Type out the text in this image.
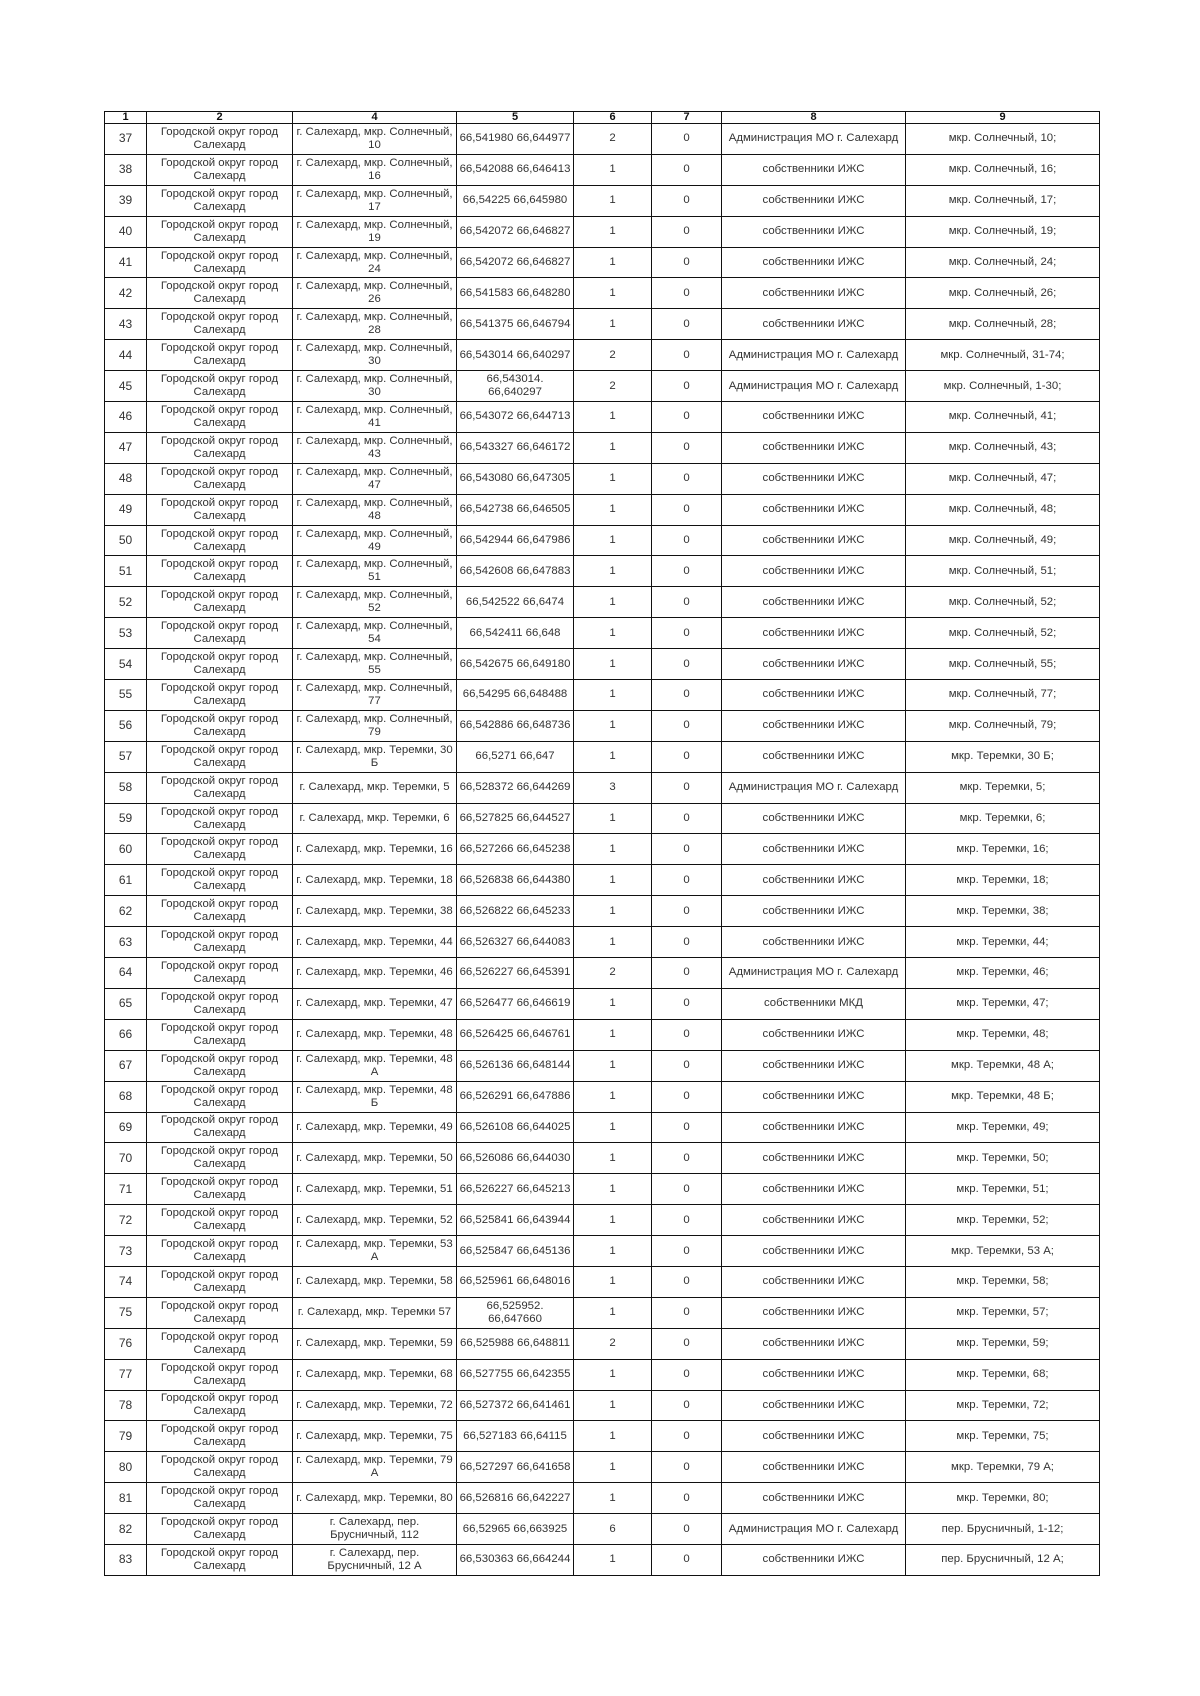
1	2	4	5	6	7	8	9
37	Городской округ город Салехард	г. Салехард, мкр. Солнечный, 10	66,541980 66,644977	2	0	Администрация МО г. Салехард	мкр. Солнечный, 10;
38	Городской округ город Салехард	г. Салехард, мкр. Солнечный, 16	66,542088 66,646413	1	0	собственники ИЖС	мкр. Солнечный, 16;
39	Городской округ город Салехард	г. Салехард, мкр. Солнечный, 17	66,54225 66,645980	1	0	собственники ИЖС	мкр. Солнечный, 17;
40	Городской округ город Салехард	г. Салехард, мкр. Солнечный, 19	66,542072 66,646827	1	0	собственники ИЖС	мкр. Солнечный, 19;
41	Городской округ город Салехард	г. Салехард, мкр. Солнечный, 24	66,542072 66,646827	1	0	собственники ИЖС	мкр. Солнечный, 24;
42	Городской округ город Салехард	г. Салехард, мкр. Солнечный, 26	66,541583 66,648280	1	0	собственники ИЖС	мкр. Солнечный, 26;
43	Городской округ город Салехард	г. Салехард, мкр. Солнечный, 28	66,541375 66,646794	1	0	собственники ИЖС	мкр. Солнечный, 28;
44	Городской округ город Салехард	г. Салехард, мкр. Солнечный, 30	66,543014 66,640297	2	0	Администрация МО г. Салехард	мкр. Солнечный, 31-74;
45	Городской округ город Салехард	г. Салехард, мкр. Солнечный, 30	66,543014. 66,640297	2	0	Администрация МО г. Салехард	мкр. Солнечный, 1-30;
46	Городской округ город Салехард	г. Салехард, мкр. Солнечный, 41	66,543072 66,644713	1	0	собственники ИЖС	мкр. Солнечный, 41;
47	Городской округ город Салехард	г. Салехард, мкр. Солнечный, 43	66,543327 66,646172	1	0	собственники ИЖС	мкр. Солнечный, 43;
48	Городской округ город Салехард	г. Салехард, мкр. Солнечный, 47	66,543080 66,647305	1	0	собственники ИЖС	мкр. Солнечный, 47;
49	Городской округ город Салехард	г. Салехард, мкр. Солнечный, 48	66,542738 66,646505	1	0	собственники ИЖС	мкр. Солнечный, 48;
50	Городской округ город Салехард	г. Салехард, мкр. Солнечный, 49	66,542944 66,647986	1	0	собственники ИЖС	мкр. Солнечный, 49;
51	Городской округ город Салехард	г. Салехард, мкр. Солнечный, 51	66,542608 66,647883	1	0	собственники ИЖС	мкр. Солнечный, 51;
52	Городской округ город Салехард	г. Салехард, мкр. Солнечный, 52	66,542522 66,6474	1	0	собственники ИЖС	мкр. Солнечный, 52;
53	Городской округ город Салехард	г. Салехард, мкр. Солнечный, 54	66,542411 66,648	1	0	собственники ИЖС	мкр. Солнечный, 52;
54	Городской округ город Салехард	г. Салехард, мкр. Солнечный, 55	66,542675 66,649180	1	0	собственники ИЖС	мкр. Солнечный, 55;
55	Городской округ город Салехард	г. Салехард, мкр. Солнечный, 77	66,54295 66,648488	1	0	собственники ИЖС	мкр. Солнечный, 77;
56	Городской округ город Салехард	г. Салехард, мкр. Солнечный, 79	66,542886 66,648736	1	0	собственники ИЖС	мкр. Солнечный, 79;
57	Городской округ город Салехард	г. Салехард, мкр. Теремки, 30 Б	66,5271 66,647	1	0	собственники ИЖС	мкр. Теремки, 30 Б;
58	Городской округ город Салехард	г. Салехард, мкр. Теремки, 5	66,528372 66,644269	3	0	Администрация МО г. Салехард	мкр. Теремки, 5;
59	Городской округ город Салехард	г. Салехард, мкр. Теремки, 6	66,527825 66,644527	1	0	собственники ИЖС	мкр. Теремки, 6;
60	Городской округ город Салехард	г. Салехард, мкр. Теремки, 16	66,527266 66,645238	1	0	собственники ИЖС	мкр. Теремки, 16;
61	Городской округ город Салехард	г. Салехард, мкр. Теремки, 18	66,526838 66,644380	1	0	собственники ИЖС	мкр. Теремки, 18;
62	Городской округ город Салехард	г. Салехард, мкр. Теремки, 38	66,526822 66,645233	1	0	собственники ИЖС	мкр. Теремки, 38;
63	Городской округ город Салехард	г. Салехард, мкр. Теремки, 44	66,526327 66,644083	1	0	собственники ИЖС	мкр. Теремки, 44;
64	Городской округ город Салехард	г. Салехард, мкр. Теремки, 46	66,526227 66,645391	2	0	Администрация МО г. Салехард	мкр. Теремки, 46;
65	Городской округ город Салехард	г. Салехард, мкр. Теремки, 47	66,526477 66,646619	1	0	собственники МКД	мкр. Теремки, 47;
66	Городской округ город Салехард	г. Салехард, мкр. Теремки, 48	66,526425 66,646761	1	0	собственники ИЖС	мкр. Теремки, 48;
67	Городской округ город Салехард	г. Салехард, мкр. Теремки, 48 А	66,526136 66,648144	1	0	собственники ИЖС	мкр. Теремки, 48 А;
68	Городской округ город Салехард	г. Салехард, мкр. Теремки, 48 Б	66,526291 66,647886	1	0	собственники ИЖС	мкр. Теремки, 48 Б;
69	Городской округ город Салехард	г. Салехард, мкр. Теремки, 49	66,526108 66,644025	1	0	собственники ИЖС	мкр. Теремки, 49;
70	Городской округ город Салехард	г. Салехард, мкр. Теремки, 50	66,526086 66,644030	1	0	собственники ИЖС	мкр. Теремки, 50;
71	Городской округ город Салехард	г. Салехард, мкр. Теремки, 51	66,526227 66,645213	1	0	собственники ИЖС	мкр. Теремки, 51;
72	Городской округ город Салехард	г. Салехард, мкр. Теремки, 52	66,525841 66,643944	1	0	собственники ИЖС	мкр. Теремки, 52;
73	Городской округ город Салехард	г. Салехард, мкр. Теремки, 53 А	66,525847 66,645136	1	0	собственники ИЖС	мкр. Теремки, 53 А;
74	Городской округ город Салехард	г. Салехард, мкр. Теремки, 58	66,525961 66,648016	1	0	собственники ИЖС	мкр. Теремки, 58;
75	Городской округ город Салехард	г. Салехард, мкр. Теремки 57	66,525952. 66,647660	1	0	собственники ИЖС	мкр. Теремки, 57;
76	Городской округ город Салехард	г. Салехард, мкр. Теремки, 59	66,525988 66,648811	2	0	собственники ИЖС	мкр. Теремки, 59;
77	Городской округ город Салехард	г. Салехард, мкр. Теремки, 68	66,527755 66,642355	1	0	собственники ИЖС	мкр. Теремки, 68;
78	Городской округ город Салехард	г. Салехард, мкр. Теремки, 72	66,527372 66,641461	1	0	собственники ИЖС	мкр. Теремки, 72;
79	Городской округ город Салехард	г. Салехард, мкр. Теремки, 75	66,527183 66,64115	1	0	собственники ИЖС	мкр. Теремки, 75;
80	Городской округ город Салехард	г. Салехард, мкр. Теремки, 79 А	66,527297 66,641658	1	0	собственники ИЖС	мкр. Теремки, 79 А;
81	Городской округ город Салехард	г. Салехард, мкр. Теремки, 80	66,526816 66,642227	1	0	собственники ИЖС	мкр. Теремки, 80;
82	Городской округ город Салехард	г. Салехард, пер. Брусничный, 112	66,52965 66,663925	6	0	Администрация МО г. Салехард	пер. Брусничный, 1-12;
83	Городской округ город Салехард	г. Салехард, пер. Брусничный, 12 А	66,530363 66,664244	1	0	собственники ИЖС	пер. Брусничный, 12 А;
